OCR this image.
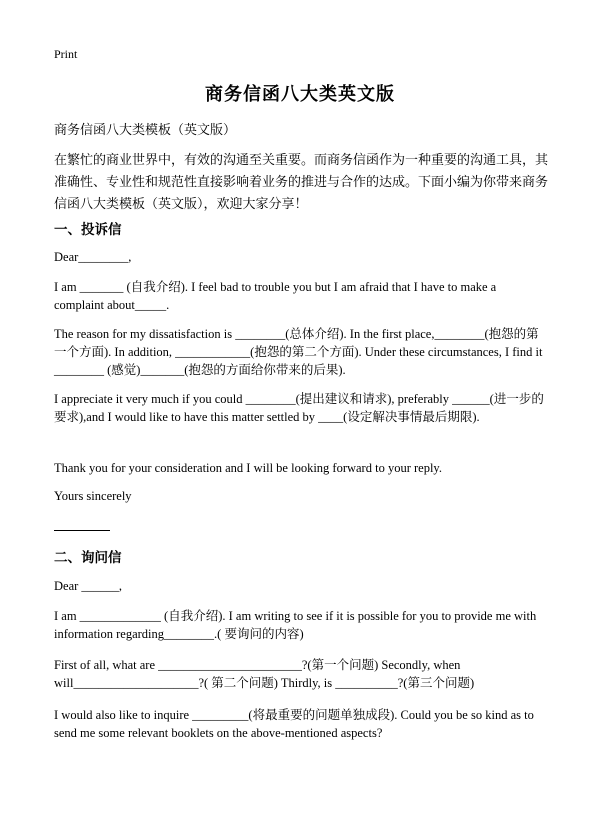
Print
商务信函八大类英文版
商务信函八大类模板（英文版）
在繁忙的商业世界中，有效的沟通至关重要。而商务信函作为一种重要的沟通工具，其准确性、专业性和规范性直接影响着业务的推进与合作的达成。下面小编为你带来商务信函八大类模板（英文版），欢迎大家分享！
一、投诉信
Dear________,
I am _______ (自我介绍). I feel bad to trouble you but I am afraid that I have to make a complaint about_____.
The reason for my dissatisfaction is ________(总体介绍). In the first place,________(抱怨的第一个方面). In addition, ____________(抱怨的第二个方面). Under these circumstances, I find it ________ (感觉)_______(抱怨的方面给你带来的后果).
I appreciate it very much if you could ________(提出建议和请求), preferably ______(进一步的要求),and I would like to have this matter settled by ____(设定解决事情最后期限).
Thank you for your consideration and I will be looking forward to your reply.
Yours sincerely
二、询问信
Dear ______,
I am _____________ (自我介绍). I am writing to see if it is possible for you to provide me with information regarding________.( 要询问的内容)
First of all, what are _______________________?(第一个问题) Secondly, when will____________________?( 第二个问题) Thirdly, is __________?(第三个问题)
I would also like to inquire _________(将最重要的问题单独成段). Could you be so kind as to send me some relevant booklets on the above-mentioned aspects?
